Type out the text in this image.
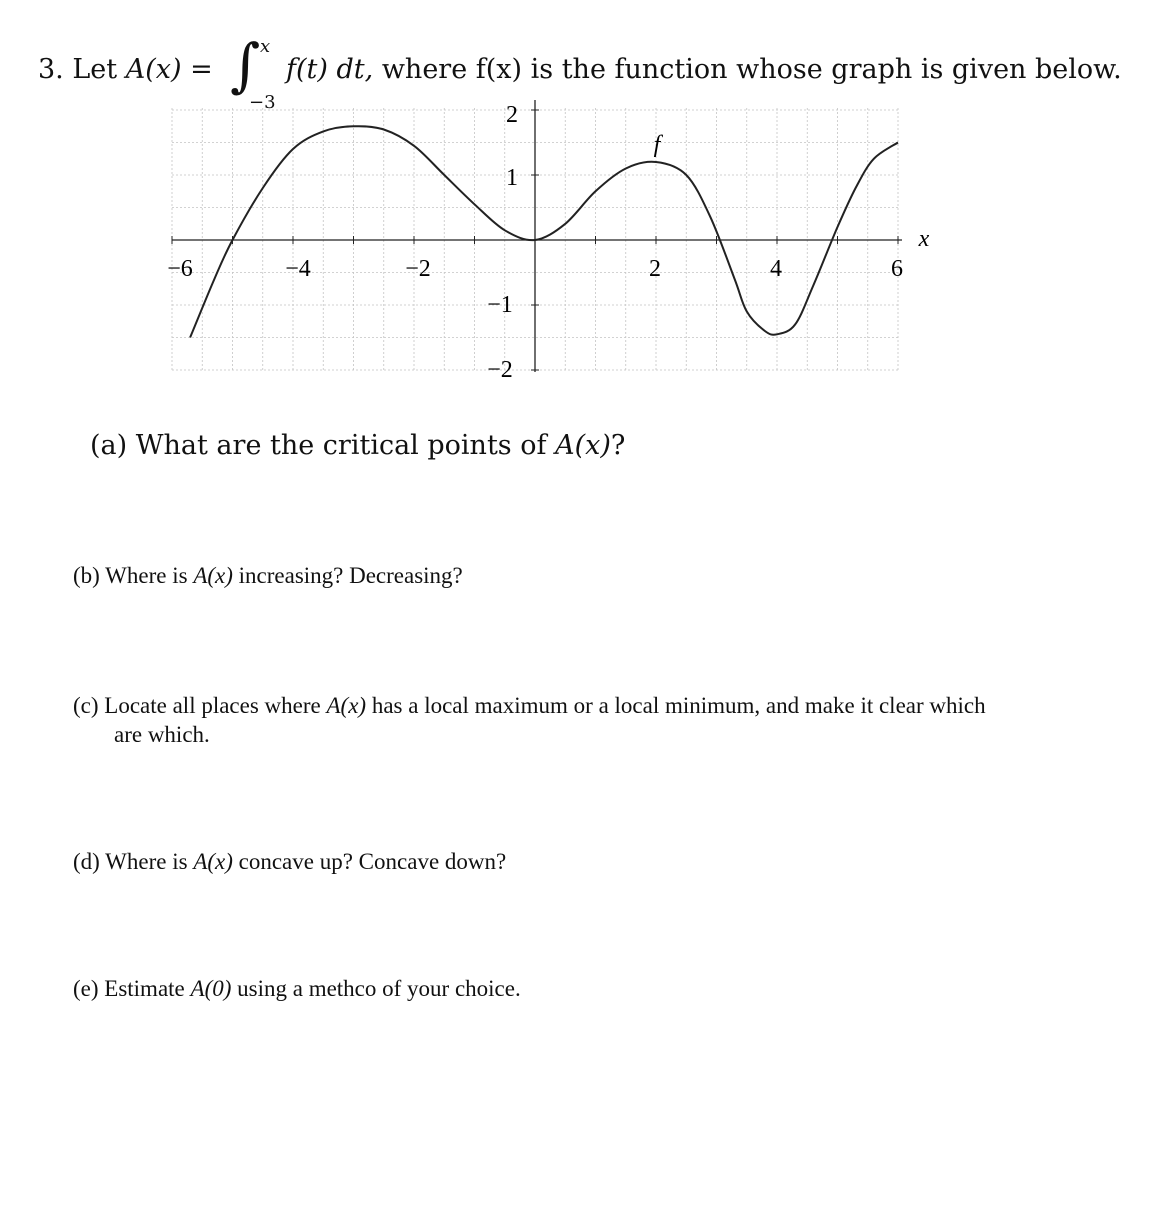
3. Let A(x) = ∫ x
−3
f(t) dt, where f(x) is the function whose graph is given below.
−6	−4	−2	2	4	6
2
1
−1
−2
f
x
(a) What are the critical points of A(x)?
(b) Where is A(x) increasing? Decreasing?
(c) Locate all places where A(x) has a local maximum or a local minimum, and make it clear which
are which.
(d) Where is A(x) concave up? Concave down?
(e) Estimate A(0) using a methco of your choice.
